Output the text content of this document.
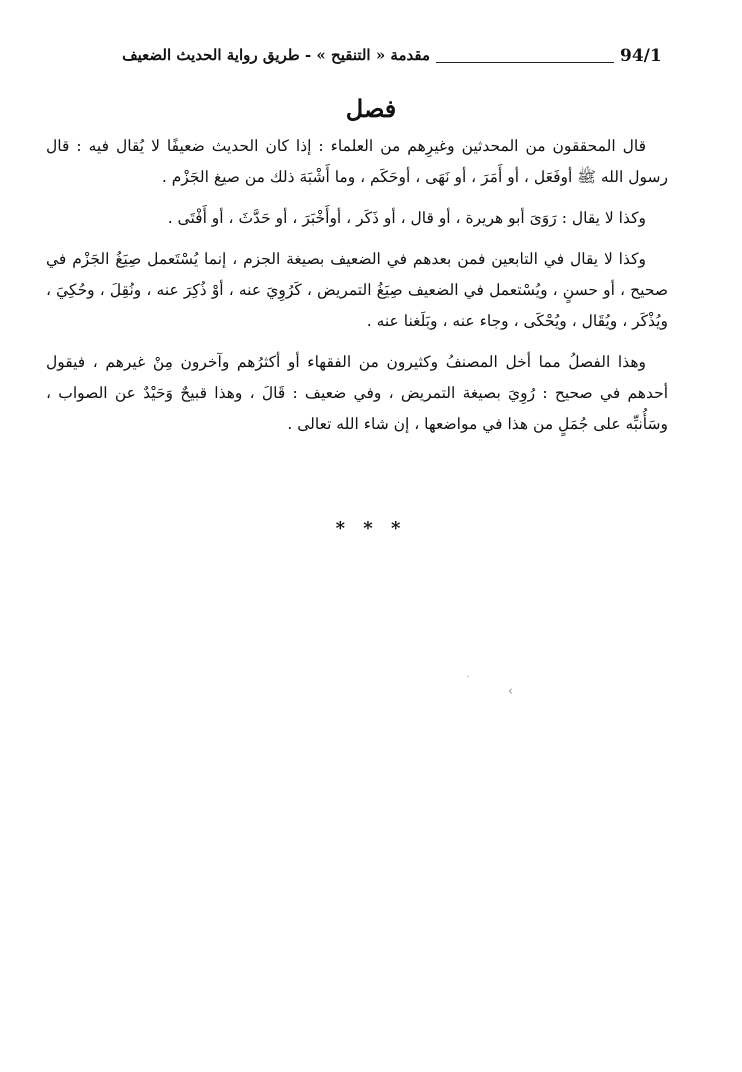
94/1
مقدمة « التنقيح » - طريق رواية الحديث الضعيف
فصل

قال المحققون من المحدثين وغيرِهم من العلماء : إذا كان الحديث ضعيفًا لا يُقال فيه : قال رسول الله ﷺ أوفَعَل ، أو أَمَرَ ، أو نَهَى ، أوحَكَم ، وما أَشْبَهَ ذلك من صيغ الجَزْم .

وكذا لا يقال : رَوَىَ أبو هريرة ، أو قال ، أو ذَكَر ، أوأَخْبَرَ ، أو حَدَّثَ ، أو أَفْتَى .

وكذا لا يقال في التابعين فمن بعدهم في الضعيف بصيغة الجزم ، إنما يُسْتَعمل صِيَغُ الجَزْم في صحيح ، أو حسنٍ ، ويُسْتعمل في الضعيف صِيَغُ التمريض ، كَرُوِيَ عنه ، أوْ ذُكِرَ عنه ، ونُقِلَ ، وحُكِيَ ، ويُذْكَر ، ويُقَال ، ويُحْكَى ، وجاء عنه ، وبَلَغنا عنه .

وهذا الفصلُ مما أخل المصنفُ وكثيرون من الفقهاء أو أكثرُهم وآخرون مِنْ غيرهم ، فيقول أحدهم في صحيح : رُوِيَ بصيغة التمريض ، وفي ضعيف : قَالَ ، وهذا قبيحٌ وَحَيْدٌ عن الصواب ، وسَأُنبِّه على جُمَلٍ من هذا في مواضعها ، إن شاء الله تعالى .

* * *
ˋ
‹
